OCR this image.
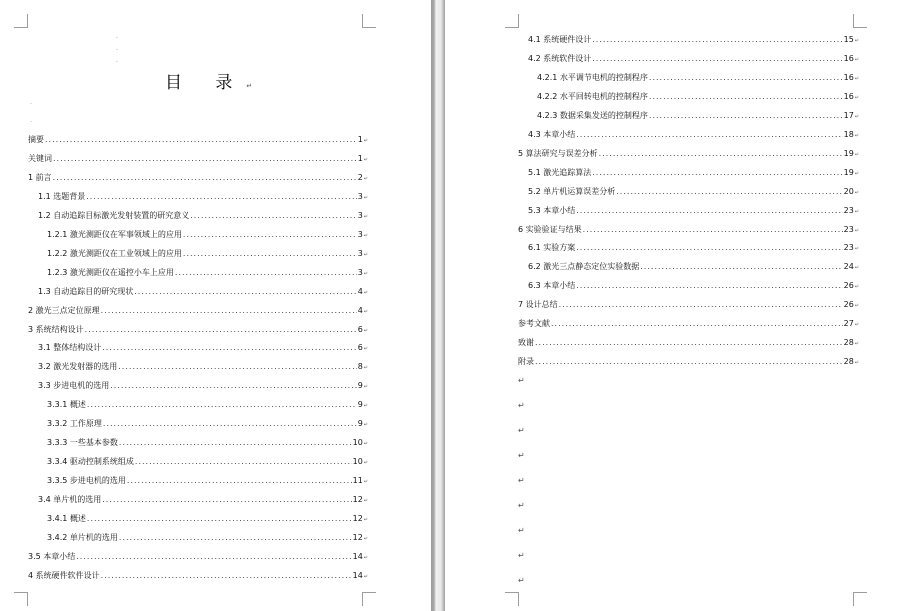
·
·
·
·
·
目 录↵
摘要 .....	1 ↵
关键词 .....	1 ↵
1 前言 .....	2 ↵
1.1 选题背景 .....	3 ↵
1.2 自动追踪目标激光发射装置的研究意义 .....	3 ↵
1.2.1 激光测距仪在军事领域上的应用 .....	3 ↵
1.2.2 激光测距仪在工业领域上的应用 .....	3 ↵
1.2.3 激光测距仪在遥控小车上应用 .....	3 ↵
1.3 自动追踪目的研究现状 .....	4 ↵
2 激光三点定位原理 .....	4 ↵
3 系统结构设计 .....	6 ↵
3.1 整体结构设计 .....	6 ↵
3.2 激光发射器的选用 .....	8 ↵
3.3 步进电机的选用 .....	9 ↵
3.3.1 概述 .....	9 ↵
3.3.2 工作原理 .....	9 ↵
3.3.3 一些基本参数 .....	10 ↵
3.3.4 驱动控制系统组成 .....	10 ↵
3.3.5 步进电机的选用 .....	11 ↵
3.4 单片机的选用 .....	12 ↵
3.4.1 概述 .....	12 ↵
3.4.2 单片机的选用 .....	12 ↵
3.5 本章小结 .....	14 ↵
4 系统硬件软件设计 .....	14 ↵
4.1 系统硬件设计 .....	15 ↵
4.2 系统软件设计 .....	16 ↵
4.2.1 水平调节电机的控制程序 .....	16 ↵
4.2.2 水平回转电机的控制程序 .....	16 ↵
4.2.3 数据采集发送的控制程序 .....	17 ↵
4.3 本章小结 .....	18 ↵
5 算法研究与误差分析 .....	19 ↵
5.1 激光追踪算法 .....	19 ↵
5.2 单片机运算误差分析 .....	20 ↵
5.3 本章小结 .....	23 ↵
6 实验验证与结果 .....	23 ↵
6.1 实验方案 .....	23 ↵
6.2 激光三点静态定位实验数据 .....	24 ↵
6.3 本章小结 .....	26 ↵
7 设计总结 .....	26 ↵
参考文献 .....	27 ↵
致谢 .....	28 ↵
附录 .....	28 ↵
↵
↵
↵
↵
↵
↵
↵
↵
↵
